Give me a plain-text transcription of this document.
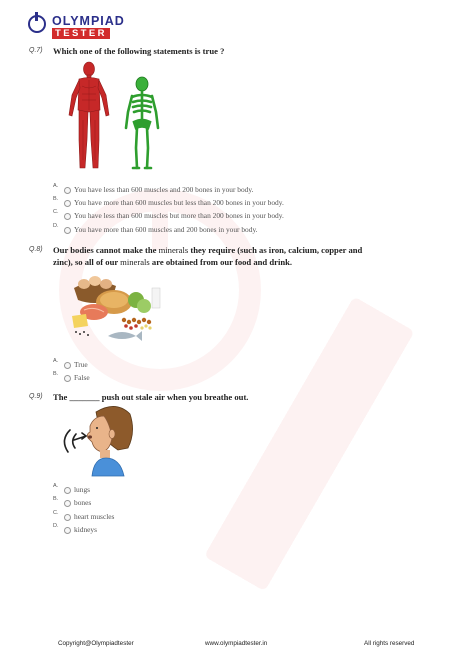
OLYMPIAD
TESTER
Q.7) Which one of the following statements is true ?
A. You have less than 600 muscles and 200 bones in your body.
B. You have more than 600 muscles but less than 200 bones in your body.
C. You have less than 600 muscles but more than 200 bones in your body.
D. You have more than 600 muscles and 200 bones in your body.
Q.8) Our bodies cannot make the minerals they require (such as iron, calcium, copper and
zinc), so all of our minerals are obtained from our food and drink.
A. True
B. False
Q.9) The _______ push out stale air when you breathe out.
A. lungs
B. bones
C. heart muscles
D. kidneys
Copyright@Olympiadtester	www.olympiadtester.in	All rights reserved
